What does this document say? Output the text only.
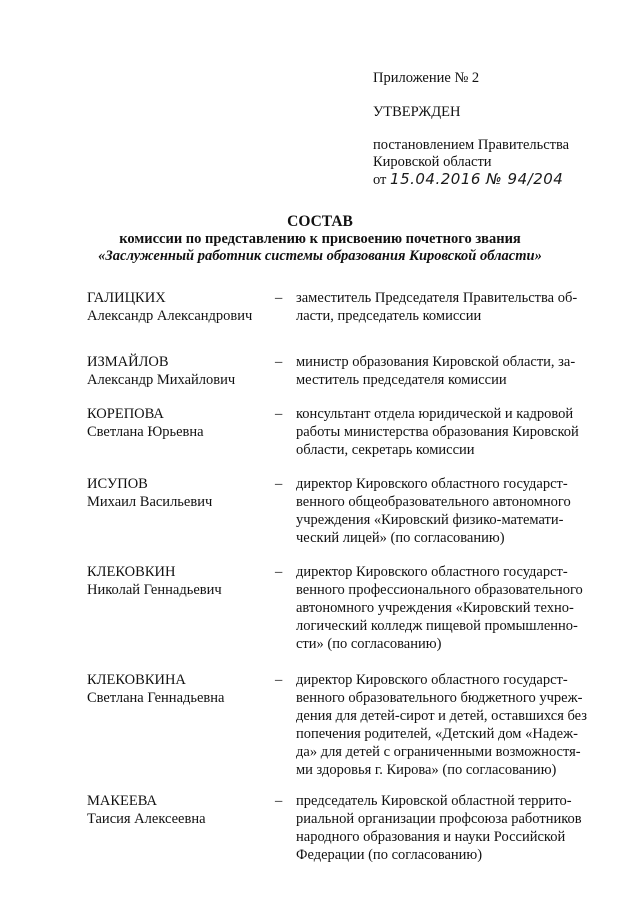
Приложение № 2
УТВЕРЖДЕН
постановлением Правительства
Кировской области
от 15.04.2016 № 94/204
СОСТАВ
комиссии по представлению к присвоению почетного звания
«Заслуженный работник системы образования Кировской области»
ГАЛИЦКИХ
Александр Александрович
– заместитель Председателя Правительства об-
ласти, председатель комиссии
ИЗМАЙЛОВ
Александр Михайлович
– министр образования Кировской области, за-
меститель председателя комиссии
КОРЕПОВА
Светлана Юрьевна
– консультант отдела юридической и кадровой
работы министерства образования Кировской
области, секретарь комиссии
ИСУПОВ
Михаил Васильевич
– директор Кировского областного государст-
венного общеобразовательного автономного
учреждения «Кировский физико-математи-
ческий лицей» (по согласованию)
КЛЕКОВКИН
Николай Геннадьевич
– директор Кировского областного государст-
венного профессионального образовательного
автономного учреждения «Кировский техно-
логический колледж пищевой промышленно-
сти» (по согласованию)
КЛЕКОВКИНА
Светлана Геннадьевна
– директор Кировского областного государст-
венного образовательного бюджетного учреж-
дения для детей-сирот и детей, оставшихся без
попечения родителей, «Детский дом «Надеж-
да» для детей с ограниченными возможностя-
ми здоровья г. Кирова» (по согласованию)
МАКЕЕВА
Таисия Алексеевна
– председатель Кировской областной террито-
риальной организации профсоюза работников
народного образования и науки Российской
Федерации (по согласованию)
